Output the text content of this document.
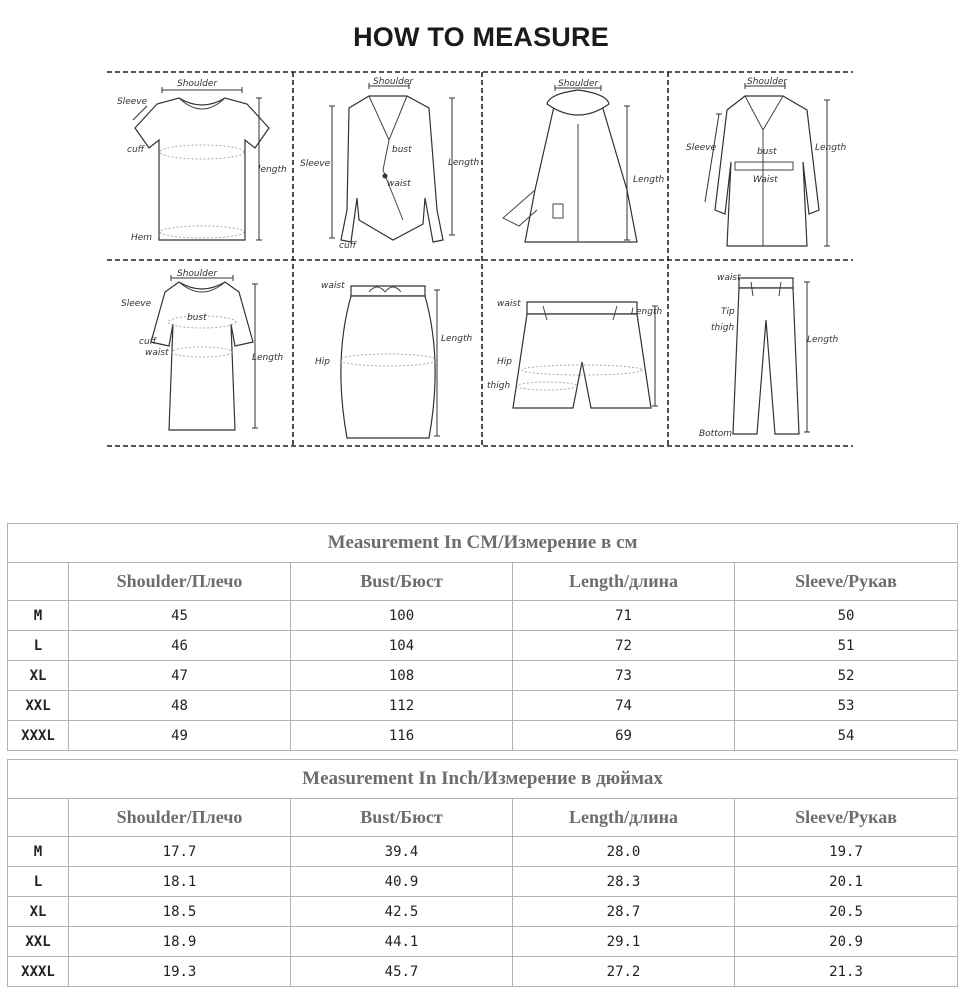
HOW TO MEASURE
Shoulder
Sleeve
cuff
length
Hem
Shoulder
Sleeve
bust
waist
Length
cuff
Shoulder
Length
Shoulder
Sleeve	bust
Waist
Length
Shoulder
Sleeve
bust
cuff
waist	Length
waist
Hip
Length
waist
Length
Hip
thigh
waist
Tip
thigh
Length
Bottom
Measurement In CM/Измерение в см				
	Shoulder/Плечо	Bust/Бюст	Length/длина	Sleeve/Рукав
M	45	100	71	50
L	46	104	72	51
XL	47	108	73	52
XXL	48	112	74	53
XXXL	49	116	69	54
Measurement In Inch/Измерение в дюймах				
	Shoulder/Плечо	Bust/Бюст	Length/длина	Sleeve/Рукав
M	17.7	39.4	28.0	19.7
L	18.1	40.9	28.3	20.1
XL	18.5	42.5	28.7	20.5
XXL	18.9	44.1	29.1	20.9
XXXL	19.3	45.7	27.2	21.3
